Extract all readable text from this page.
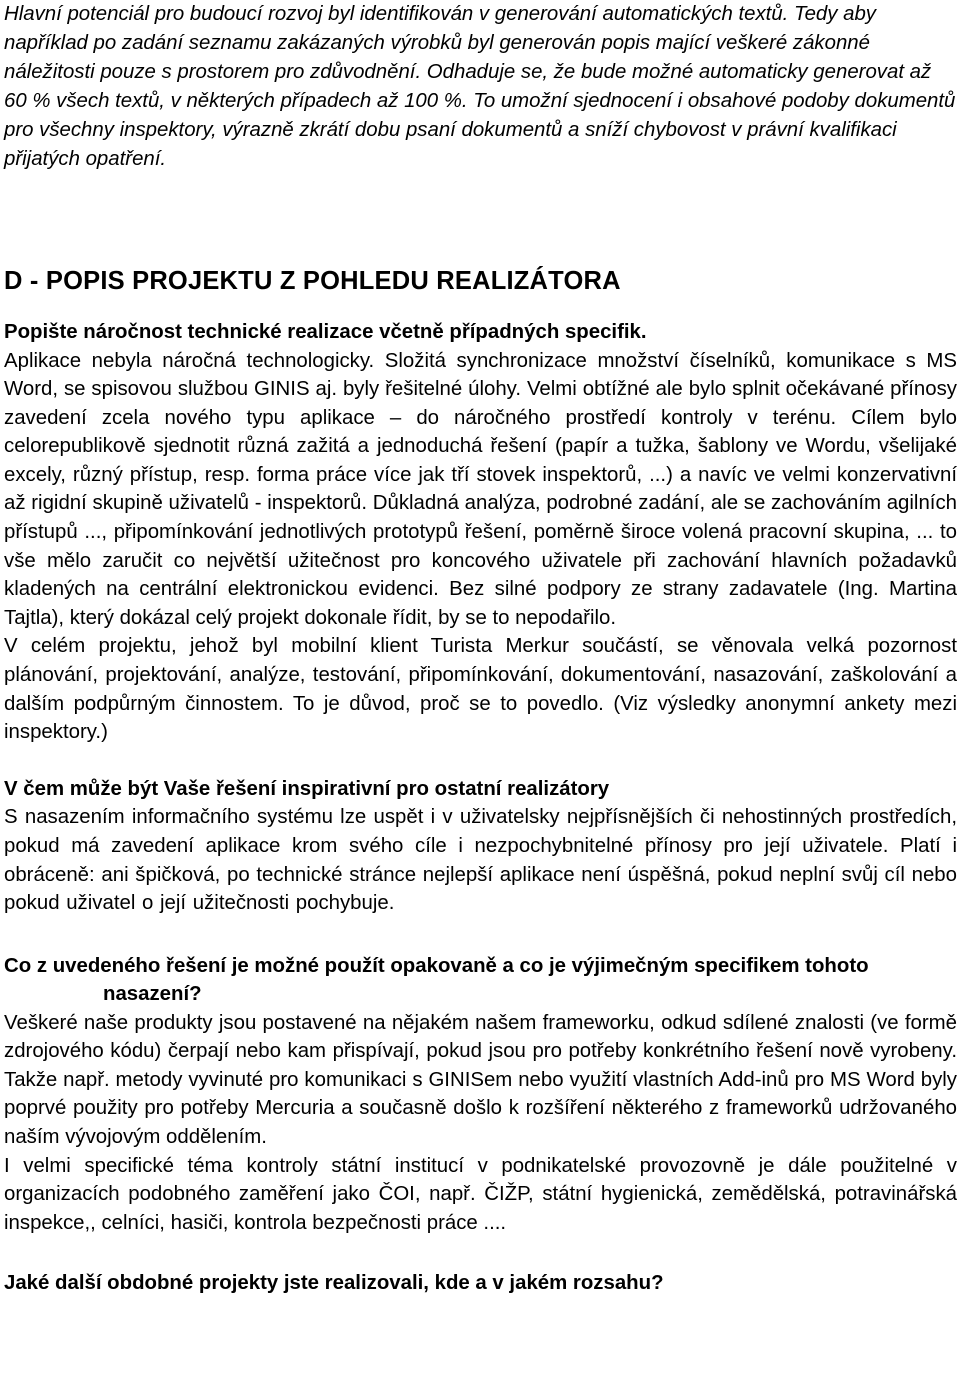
Hlavní potenciál pro budoucí rozvoj byl identifikován v generování automatických textů. Tedy aby například po zadání seznamu zakázaných výrobků byl generován popis mající veškeré zákonné náležitosti pouze s prostorem pro zdůvodnění. Odhaduje se, že bude možné automaticky generovat až 60 % všech textů, v některých případech až 100 %. To umožní sjednocení i obsahové podoby dokumentů pro všechny inspektory, výrazně zkrátí dobu psaní dokumentů a sníží chybovost v právní kvalifikaci přijatých opatření.

D - POPIS PROJEKTU Z POHLEDU REALIZÁTORA

Popište náročnost technické realizace včetně případných specifik.

Aplikace nebyla náročná technologicky. Složitá synchronizace množství číselníků, komunikace s MS Word, se spisovou službou GINIS aj. byly řešitelné úlohy. Velmi obtížné ale bylo splnit očekávané přínosy zavedení zcela nového typu aplikace – do náročného prostředí kontroly v terénu. Cílem bylo celorepublikově sjednotit různá zažitá a jednoduchá řešení (papír a tužka, šablony ve Wordu, všelijaké excely, různý přístup, resp. forma práce více jak tří stovek inspektorů, ...) a navíc ve velmi konzervativní až rigidní skupině uživatelů - inspektorů. Důkladná analýza, podrobné zadání, ale se zachováním agilních přístupů ..., připomínkování jednotlivých prototypů řešení, poměrně široce volená pracovní skupina, ... to vše mělo zaručit co největší užitečnost pro koncového uživatele při zachování hlavních požadavků kladených na centrální elektronickou evidenci. Bez silné podpory ze strany zadavatele (Ing. Martina Tajtla), který dokázal celý projekt dokonale řídit, by se to nepodařilo.

V celém projektu, jehož byl mobilní klient Turista Merkur součástí, se věnovala velká pozornost plánování, projektování, analýze, testování, připomínkování, dokumentování, nasazování, zaškolování a dalším podpůrným činnostem. To je důvod, proč se to povedlo. (Viz výsledky anonymní ankety mezi inspektory.)

V čem může být Vaše řešení inspirativní pro ostatní realizátory

S nasazením informačního systému lze uspět i v uživatelsky nejpřísnějších či nehostinných prostředích, pokud má zavedení aplikace krom svého cíle i nezpochybnitelné přínosy pro její uživatele. Platí i obráceně: ani špičková, po technické stránce nejlepší aplikace není úspěšná, pokud neplní svůj cíl nebo pokud uživatel o její užitečnosti pochybuje.

Co z uvedeného řešení je možné použít opakovaně a co je výjimečným specifikem tohoto nasazení?

Veškeré naše produkty jsou postavené na nějakém našem frameworku, odkud sdílené znalosti (ve formě zdrojového kódu) čerpají nebo kam přispívají, pokud jsou pro potřeby konkrétního řešení nově vyrobeny. Takže např. metody vyvinuté pro komunikaci s GINISem nebo využití vlastních Add-inů pro MS Word byly poprvé použity pro potřeby Mercuria a současně došlo k rozšíření některého z frameworků udržovaného naším vývojovým oddělením.

I velmi specifické téma kontroly státní institucí v podnikatelské provozovně je dále použitelné v organizacích podobného zaměření jako ČOI, např. ČIŽP, státní hygienická, zemědělská, potravinářská inspekce,, celníci, hasiči, kontrola bezpečnosti práce ....

Jaké další obdobné projekty jste realizovali, kde a v jakém rozsahu?
